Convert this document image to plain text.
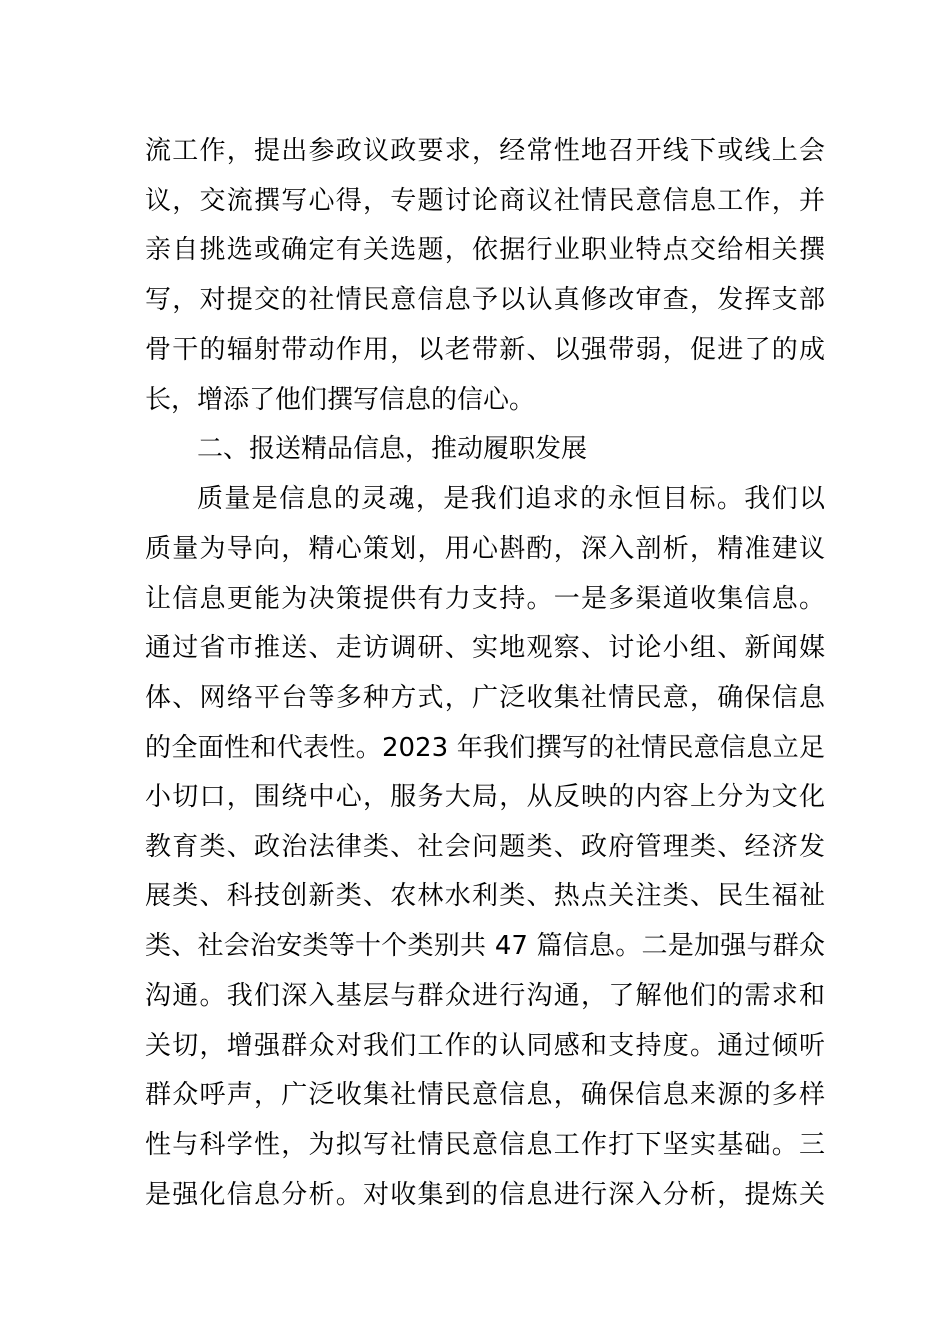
流工作，提出参政议政要求，经常性地召开线下或线上会
议，交流撰写心得，专题讨论商议社情民意信息工作，并
亲自挑选或确定有关选题，依据行业职业特点交给相关撰
写，对提交的社情民意信息予以认真修改审查，发挥支部
骨干的辐射带动作用，以老带新、以强带弱，促进了的成
长，增添了他们撰写信息的信心。
二、报送精品信息，推动履职发展
质量是信息的灵魂，是我们追求的永恒目标。我们以
质量为导向，精心策划，用心斟酌，深入剖析，精准建议
让信息更能为决策提供有力支持。一是多渠道收集信息。
通过省市推送、走访调研、实地观察、讨论小组、新闻媒
体、网络平台等多种方式，广泛收集社情民意，确保信息
的全面性和代表性。2023 年我们撰写的社情民意信息立足
小切口，围绕中心，服务大局，从反映的内容上分为文化
教育类、政治法律类、社会问题类、政府管理类、经济发
展类、科技创新类、农林水利类、热点关注类、民生福祉
类、社会治安类等十个类别共 47 篇信息。二是加强与群众
沟通。我们深入基层与群众进行沟通，了解他们的需求和
关切，增强群众对我们工作的认同感和支持度。通过倾听
群众呼声，广泛收集社情民意信息，确保信息来源的多样
性与科学性，为拟写社情民意信息工作打下坚实基础。三
是强化信息分析。对收集到的信息进行深入分析，提炼关
